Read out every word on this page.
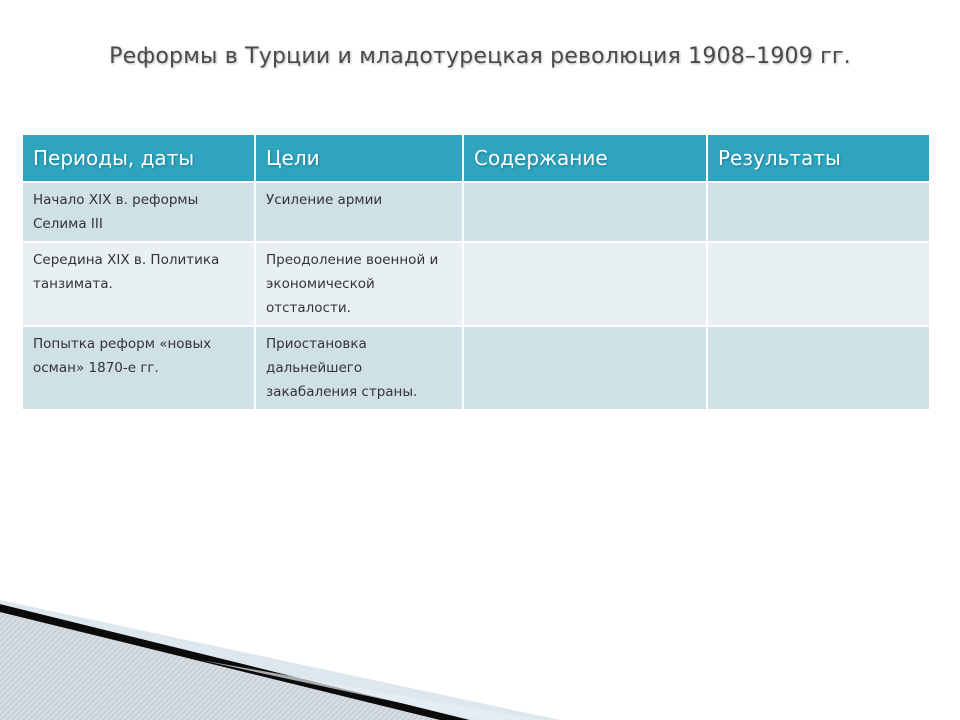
Реформы в Турции и младотурецкая революция 1908–1909 гг.
Периоды, даты	Цели	Содержание	Результаты
Начало XIX в. реформы Селима III	Усиление армии		
Середина XIX в. Политика танзимата.	Преодоление военной и экономической отсталости.		
Попытка реформ «новых осман» 1870-е гг.	Приостановка дальнейшего закабаления страны.		
